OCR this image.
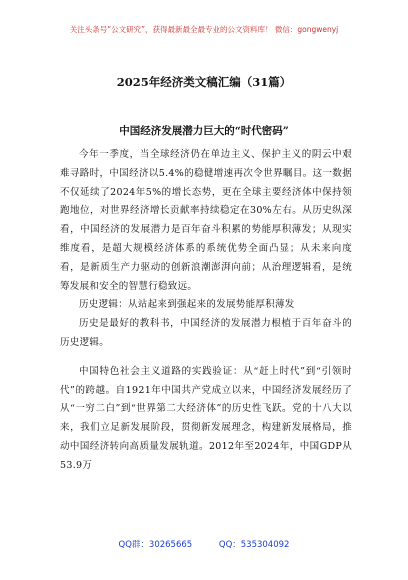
关注头条号“公文研究”，获得最新最全最专业的公文资料库！ 微信：gongwenyj
2025年经济类文稿汇编（31篇）
中国经济发展潜力巨大的“时代密码”

今年一季度，当全球经济仍在单边主义、保护主义的阴云中艰难寻路时，中国经济以5.4%的稳健增速再次令世界瞩目。这一数据不仅延续了2024年5%的增长态势，更在全球主要经济体中保持领跑地位，对世界经济增长贡献率持续稳定在30%左右。从历史纵深看，中国经济的发展潜力是百年奋斗积累的势能厚积薄发；从现实维度看，是超大规模经济体系的系统优势全面凸显；从未来向度看，是新质生产力驱动的创新浪潮澎湃向前；从治理逻辑看，是统筹发展和安全的智慧行稳致远。

历史逻辑：从站起来到强起来的发展势能厚积薄发

历史是最好的教科书，中国经济的发展潜力根植于百年奋斗的历史逻辑。

中国特色社会主义道路的实践验证：从“赶上时代”到“引领时代”的跨越。自1921年中国共产党成立以来，中国经济发展经历了从“一穷二白”到“世界第二大经济体”的历史性飞跃。党的十八大以来，我们立足新发展阶段，贯彻新发展理念，构建新发展格局，推动中国经济转向高质量发展轨道。2012年至2024年，中国GDP从53.9万

QQ群：30265665	QQ：535304092
